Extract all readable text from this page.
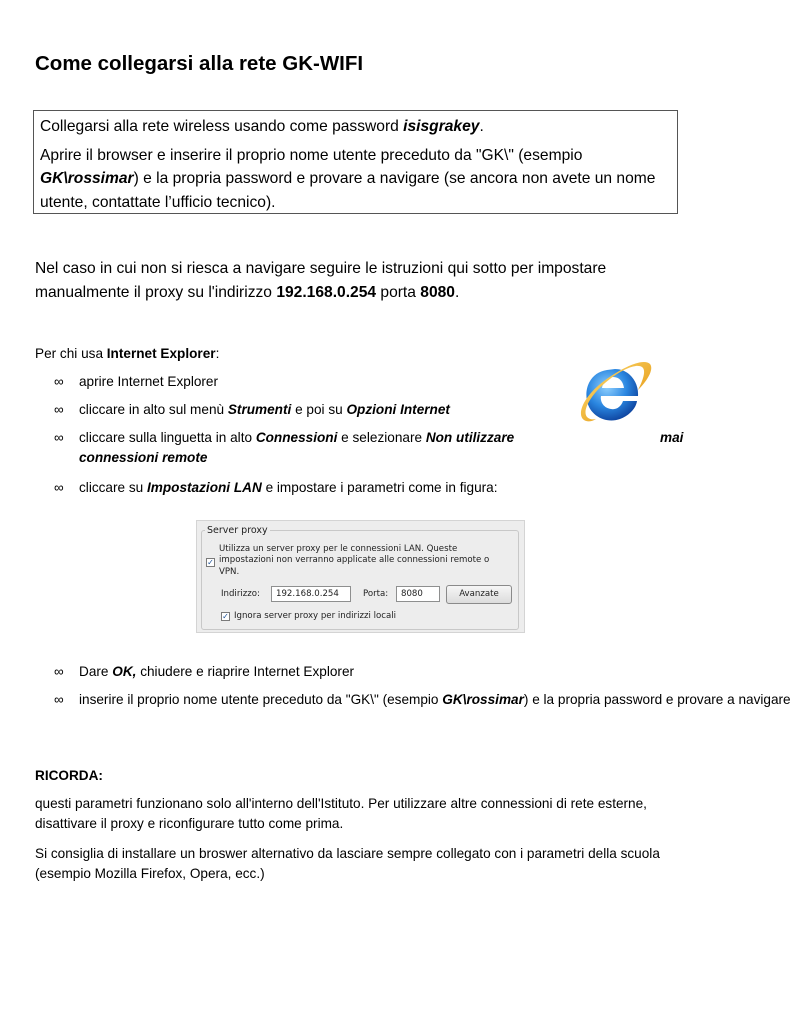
Come collegarsi alla rete GK-WIFI

Collegarsi alla rete wireless usando come password isisgrakey.

Aprire il browser e inserire il proprio nome utente preceduto da "GK\" (esempio GK\rossimar) e la propria password e provare a navigare (se ancora non avete un nome utente, contattate l’ufficio tecnico).

Nel caso in cui non si riesca a navigare seguire le istruzioni qui sotto per impostare manualmente il proxy su l'indirizzo 192.168.0.254 porta 8080.

Per chi usa Internet Explorer:

∞	aprire Internet Explorer
∞	cliccare in alto sul menù Strumenti e poi su Opzioni Internet
∞	cliccare sulla linguetta in alto Connessioni e selezionare Non utilizzare	mai
connessioni remote
∞	cliccare su Impostazioni LAN e impostare i parametri come in figura:
Server proxy
✓
Utilizza un server proxy per le connessioni LAN. Queste
impostazioni non verranno applicate alle connessioni remote o
VPN.
Indirizzo:	192.168.0.254	Porta:	8080	Avanzate
✓ Ignora server proxy per indirizzi locali
∞	Dare OK, chiudere e riaprire Internet Explorer
∞	inserire il proprio nome utente preceduto da "GK\" (esempio GK\rossimar) e la propria password e provare a navigare

RICORDA:

questi parametri funzionano solo all'interno dell'Istituto. Per utilizzare altre connessioni di rete esterne, disattivare il proxy e riconfigurare tutto come prima.

Si consiglia di installare un broswer alternativo da lasciare sempre collegato con i parametri della scuola (esempio Mozilla Firefox, Opera, ecc.)
